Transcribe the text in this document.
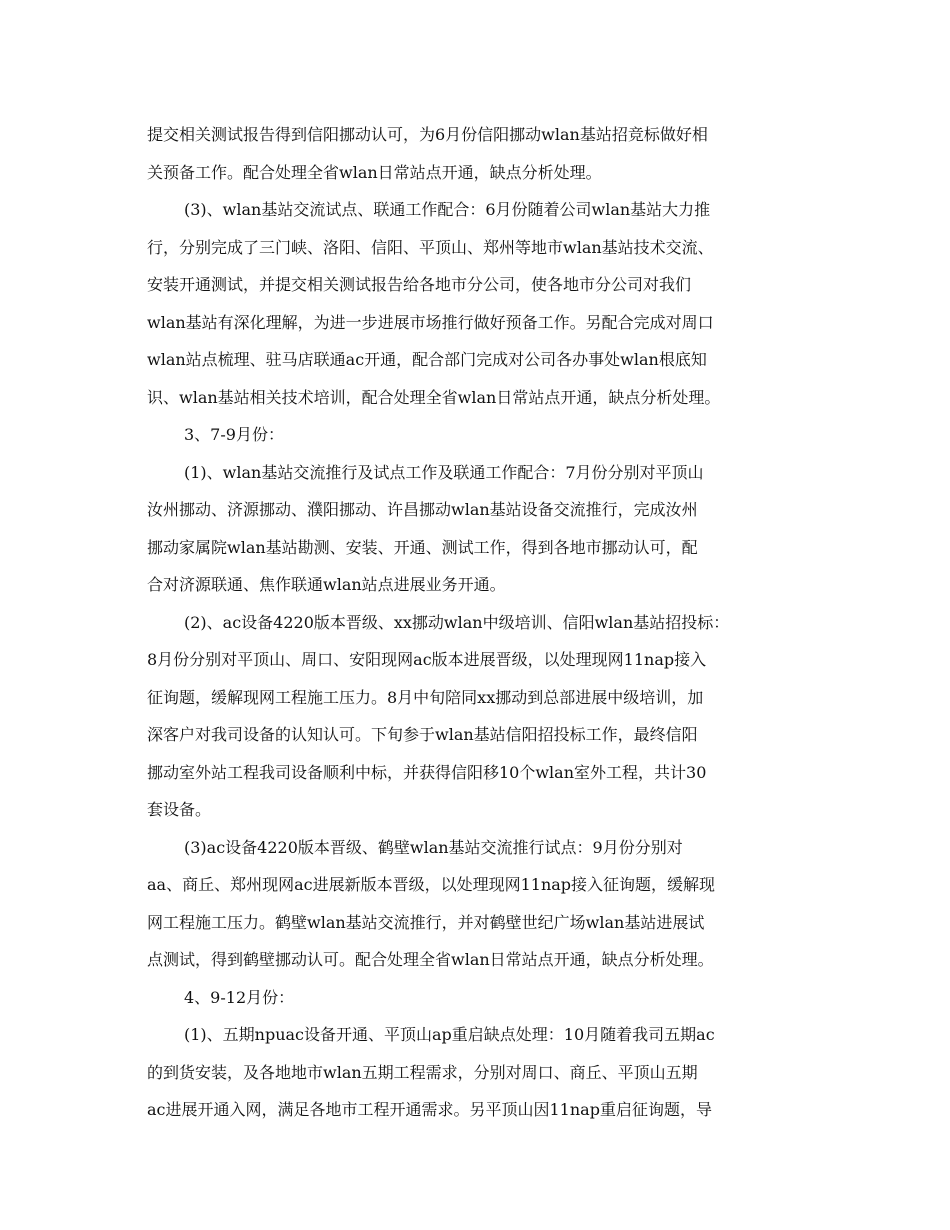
提交相关测试报告得到信阳挪动认可，为6月份信阳挪动wlan基站招竞标做好相
关预备工作。配合处理全省wlan日常站点开通，缺点分析处理。
(3)、wlan基站交流试点、联通工作配合：6月份随着公司wlan基站大力推
行，分别完成了三门峡、洛阳、信阳、平顶山、郑州等地市wlan基站技术交流、
安装开通测试，并提交相关测试报告给各地市分公司，使各地市分公司对我们
wlan基站有深化理解，为进一步进展市场推行做好预备工作。另配合完成对周口
wlan站点梳理、驻马店联通ac开通，配合部门完成对公司各办事处wlan根底知
识、wlan基站相关技术培训，配合处理全省wlan日常站点开通，缺点分析处理。
3、7-9月份：
(1)、wlan基站交流推行及试点工作及联通工作配合：7月份分别对平顶山
汝州挪动、济源挪动、濮阳挪动、许昌挪动wlan基站设备交流推行，完成汝州
挪动家属院wlan基站勘测、安装、开通、测试工作，得到各地市挪动认可，配
合对济源联通、焦作联通wlan站点进展业务开通。
(2)、ac设备4220版本晋级、xx挪动wlan中级培训、信阳wlan基站招投标：
8月份分别对平顶山、周口、安阳现网ac版本进展晋级，以处理现网11nap接入
征询题，缓解现网工程施工压力。8月中旬陪同xx挪动到总部进展中级培训，加
深客户对我司设备的认知认可。下旬参于wlan基站信阳招投标工作，最终信阳
挪动室外站工程我司设备顺利中标，并获得信阳移10个wlan室外工程，共计30
套设备。
(3)ac设备4220版本晋级、鹤壁wlan基站交流推行试点：9月份分别对
aa、商丘、郑州现网ac进展新版本晋级，以处理现网11nap接入征询题，缓解现
网工程施工压力。鹤壁wlan基站交流推行，并对鹤壁世纪广场wlan基站进展试
点测试，得到鹤壁挪动认可。配合处理全省wlan日常站点开通，缺点分析处理。
4、9-12月份：
(1)、五期npuac设备开通、平顶山ap重启缺点处理：10月随着我司五期ac
的到货安装，及各地地市wlan五期工程需求，分别对周口、商丘、平顶山五期
ac进展开通入网，满足各地市工程开通需求。另平顶山因11nap重启征询题，导
